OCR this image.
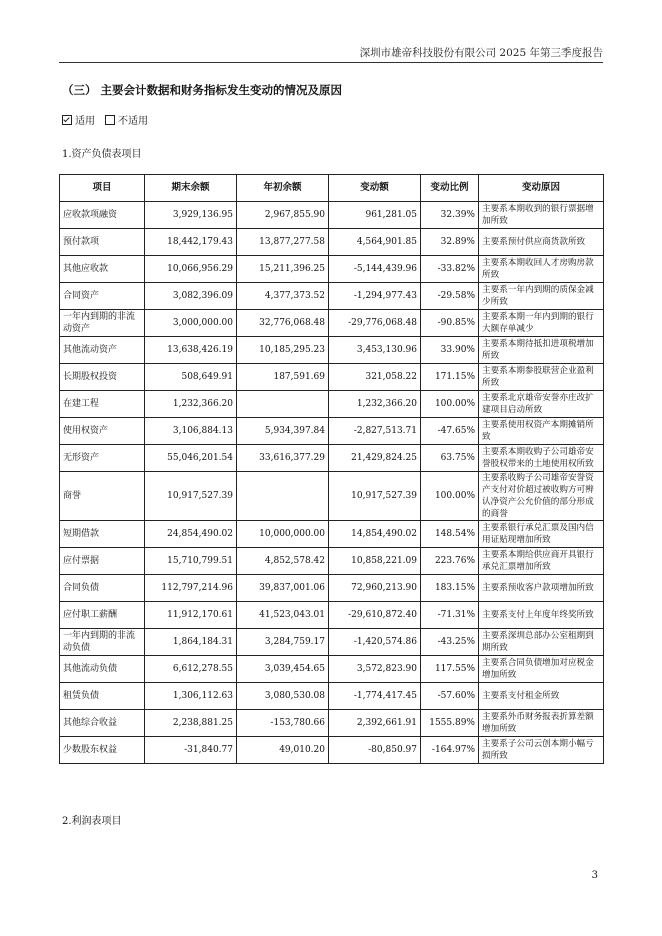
深圳市雄帝科技股份有限公司 2025 年第三季度报告
（三） 主要会计数据和财务指标发生变动的情况及原因
适用 不适用
1.资产负债表项目
项目	期末余额	年初余额	变动额	变动比例	变动原因
应收款项融资	3,929,136.95	2,967,855.90	961,281.05	32.39%	主要系本期收到的银行票据增加所致
预付款项	18,442,179.43	13,877,277.58	4,564,901.85	32.89%	主要系预付供应商货款所致
其他应收款	10,066,956.29	15,211,396.25	-5,144,439.96	-33.82%	主要系本期收回人才房购房款所致
合同资产	3,082,396.09	4,377,373.52	-1,294,977.43	-29.58%	主要系一年内到期的质保金减少所致
一年内到期的非流动资产	3,000,000.00	32,776,068.48	-29,776,068.48	-90.85%	主要系本期一年内到期的银行大额存单减少
其他流动资产	13,638,426.19	10,185,295.23	3,453,130.96	33.90%	主要系本期待抵扣进项税增加所致
长期股权投资	508,649.91	187,591.69	321,058.22	171.15%	主要系本期参股联营企业盈利所致
在建工程	1,232,366.20		1,232,366.20	100.00%	主要系北京雄帝安誉亦庄改扩建项目启动所致
使用权资产	3,106,884.13	5,934,397.84	-2,827,513.71	-47.65%	主要系使用权资产本期摊销所致
无形资产	55,046,201.54	33,616,377.29	21,429,824.25	63.75%	主要系本期收购子公司雄帝安誉股权带来的土地使用权所致
商誉	10,917,527.39		10,917,527.39	100.00%	主要系收购子公司雄帝安誉资产支付对价超过被收购方可辨认净资产公允价值的部分形成的商誉
短期借款	24,854,490.02	10,000,000.00	14,854,490.02	148.54%	主要系银行承兑汇票及国内信用证贴现增加所致
应付票据	15,710,799.51	4,852,578.42	10,858,221.09	223.76%	主要系本期给供应商开具银行承兑汇票增加所致
合同负债	112,797,214.96	39,837,001.06	72,960,213.90	183.15%	主要系预收客户款项增加所致
应付职工薪酬	11,912,170.61	41,523,043.01	-29,610,872.40	-71.31%	主要系支付上年度年终奖所致
一年内到期的非流动负债	1,864,184.31	3,284,759.17	-1,420,574.86	-43.25%	主要系深圳总部办公室租期到期所致
其他流动负债	6,612,278.55	3,039,454.65	3,572,823.90	117.55%	主要系合同负债增加对应税金增加所致
租赁负债	1,306,112.63	3,080,530.08	-1,774,417.45	-57.60%	主要系支付租金所致
其他综合收益	2,238,881.25	-153,780.66	2,392,661.91	1555.89%	主要系外币财务报表折算差额增加所致
少数股东权益	-31,840.77	49,010.20	-80,850.97	-164.97%	主要系子公司云创本期小幅亏损所致
2.利润表项目
3
